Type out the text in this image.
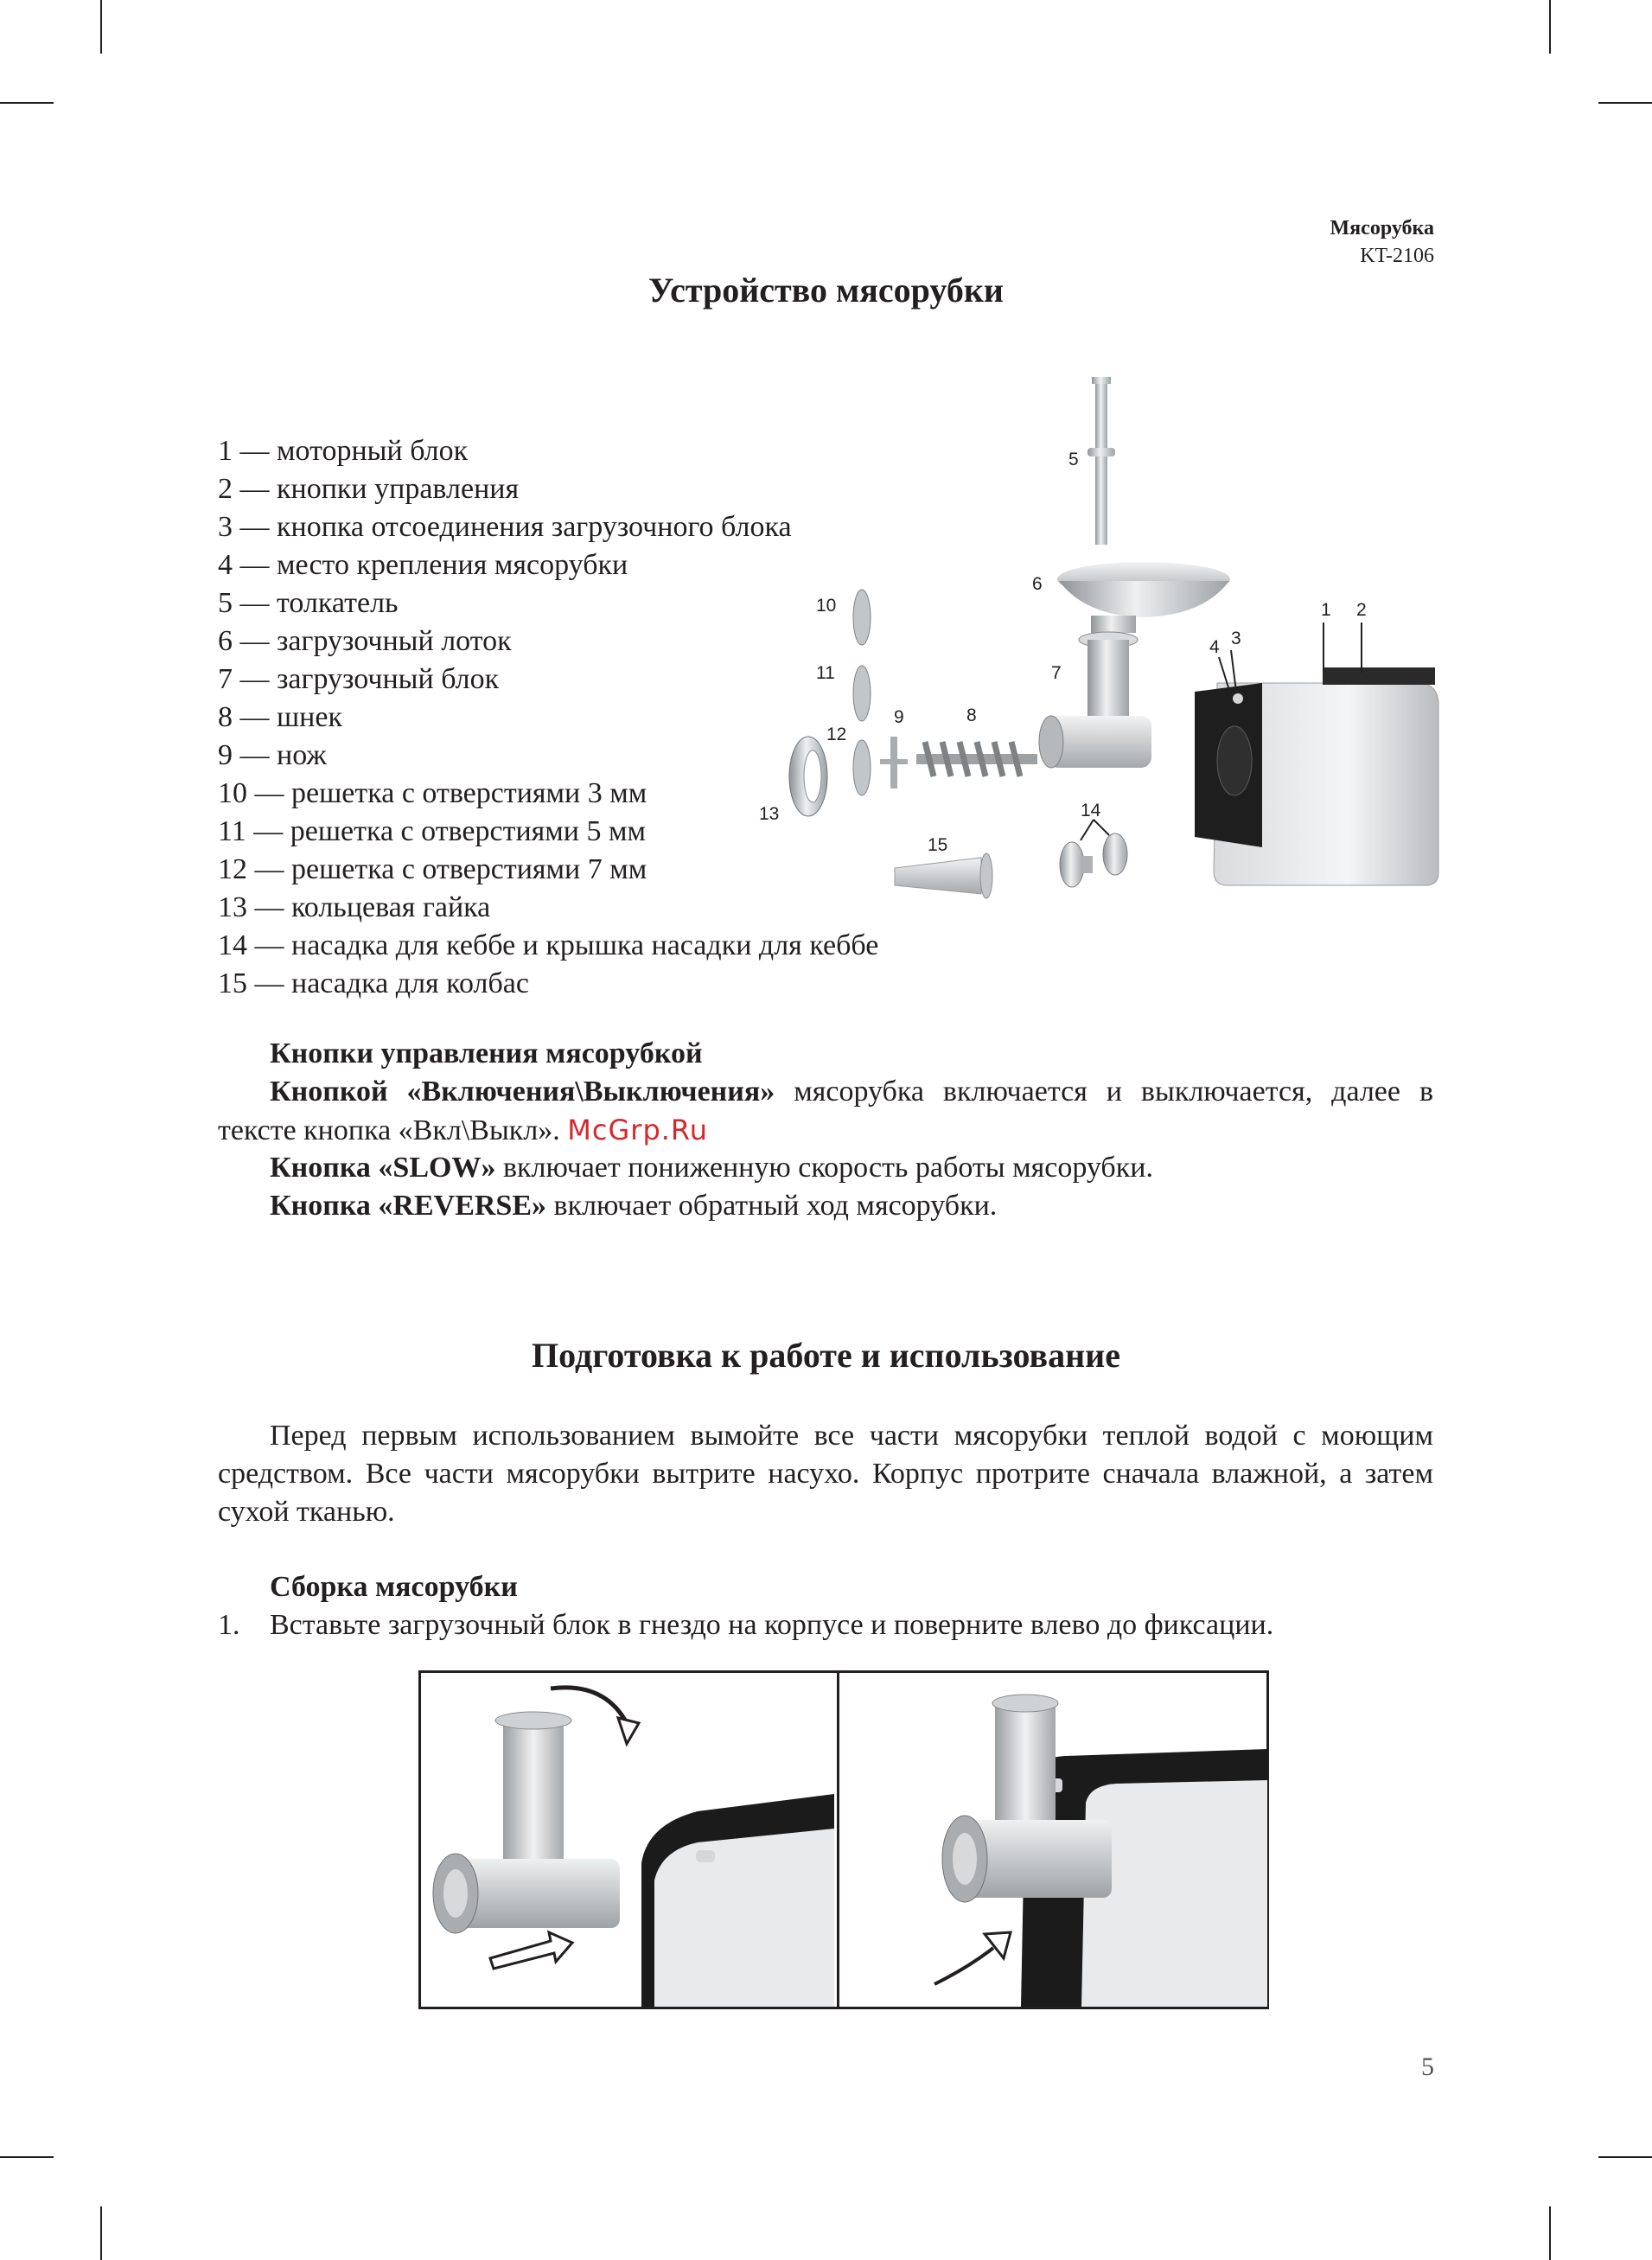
Мясорубка
KT-2106
Устройство мясорубки
1 — моторный блок
2 — кнопки управления
3 — кнопка отсоединения загрузочного блока
4 — место крепления мясорубки
5 — толкатель
6 — загрузочный лоток
7 — загрузочный блок
8 — шнек
9 — нож
10 — решетка с отверстиями 3 мм
11 — решетка с отверстиями 5 мм
12 — решетка с отверстиями 7 мм
13 — кольцевая гайка
14 — насадка для кеббе и крышка насадки для кеббе
15 — насадка для колбас
5
6
1 2
3
4
7
8
9
10
11
12
13	14
15

Кнопки управления мясорубкой

Кнопкой «Включения\Выключения» мясорубка включается и выключается, далее в тексте кнопка «Вкл\Выкл». McGrp.Ru

Кнопка «SLOW» включает пониженную скорость работы мясорубки.

Кнопка «REVERSE» включает обратный ход мясорубки.

Подготовка к работе и использование

Перед первым использованием вымойте все части мясорубки теплой водой с моющим средством. Все части мясорубки вытрите насухо. Корпус протрите сначала влажной, а затем сухой тканью.

Сборка мясорубки

1. Вставьте загрузочный блок в гнездо на корпусе и поверните влево до фиксации.
5
